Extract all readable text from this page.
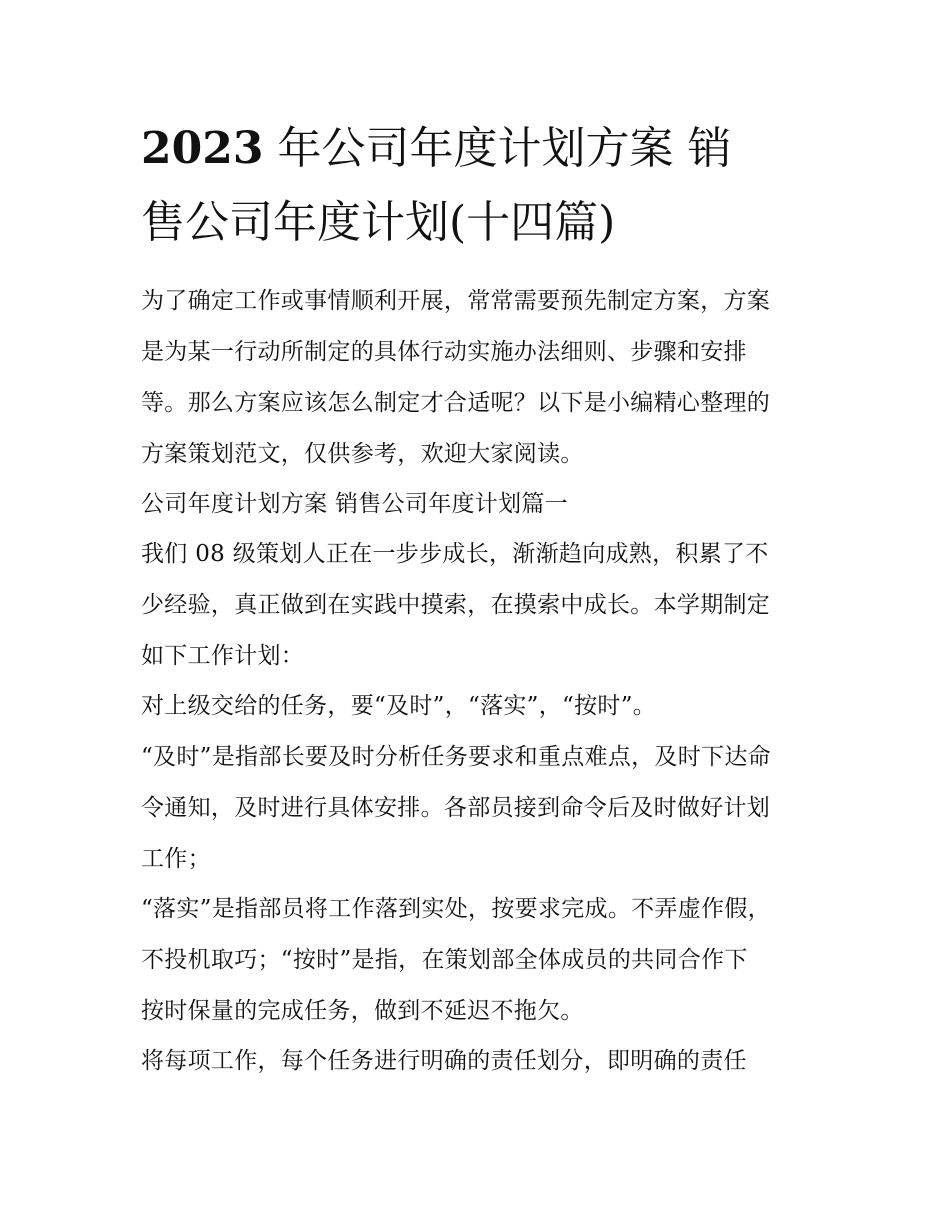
2023 年公司年度计划方案 销
售公司年度计划(十四篇)

为了确定工作或事情顺利开展，常常需要预先制定方案，方案
是为某一行动所制定的具体行动实施办法细则、步骤和安排
等。那么方案应该怎么制定才合适呢？以下是小编精心整理的
方案策划范文，仅供参考，欢迎大家阅读。

公司年度计划方案 销售公司年度计划篇一

我们 08 级策划人正在一步步成长，渐渐趋向成熟，积累了不
少经验，真正做到在实践中摸索，在摸索中成长。本学期制定
如下工作计划：

对上级交给的任务，要“及时”，“落实”，“按时”。

“及时”是指部长要及时分析任务要求和重点难点，及时下达命
令通知，及时进行具体安排。各部员接到命令后及时做好计划
工作；

“落实”是指部员将工作落到实处，按要求完成。不弄虚作假，
不投机取巧；“按时”是指，在策划部全体成员的共同合作下
按时保量的完成任务，做到不延迟不拖欠。

将每项工作，每个任务进行明确的责任划分，即明确的责任
